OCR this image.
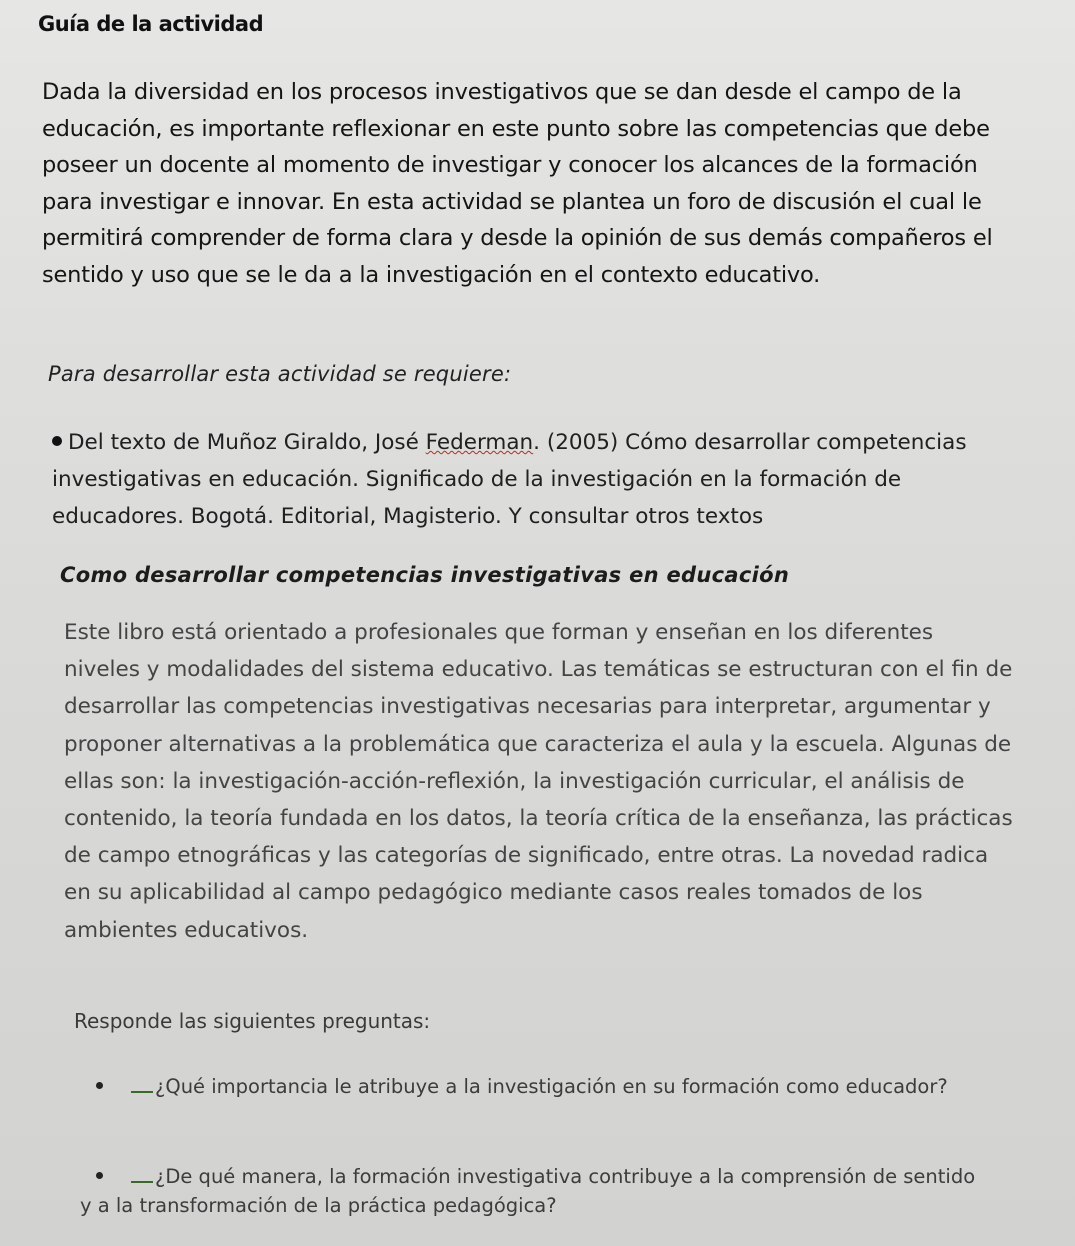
Guía de la actividad

Dada la diversidad en los procesos investigativos que se dan desde el campo de la educación, es importante reflexionar en este punto sobre las competencias que debe poseer un docente al momento de investigar y conocer los alcances de la formación para investigar e innovar. En esta actividad se plantea un foro de discusión el cual le permitirá comprender de forma clara y desde la opinión de sus demás compañeros el sentido y uso que se le da a la investigación en el contexto educativo.

Para desarrollar esta actividad se requiere:
Del texto de Muñoz Giraldo, José Federman. (2005) Cómo desarrollar competencias investigativas en educación. Significado de la investigación en la formación de educadores. Bogotá. Editorial, Magisterio. Y consultar otros textos
Como desarrollar competencias investigativas en educación

Este libro está orientado a profesionales que forman y enseñan en los diferentes niveles y modalidades del sistema educativo. Las temáticas se estructuran con el fin de desarrollar las competencias investigativas necesarias para interpretar, argumentar y proponer alternativas a la problemática que caracteriza el aula y la escuela. Algunas de ellas son: la investigación-acción-reflexión, la investigación curricular, el análisis de contenido, la teoría fundada en los datos, la teoría crítica de la enseñanza, las prácticas de campo etnográficas y las categorías de significado, entre otras. La novedad radica en su aplicabilidad al campo pedagógico mediante casos reales tomados de los ambientes educativos.

Responde las siguientes preguntas:
¿Qué importancia le atribuye a la investigación en su formación como educador?
¿De qué manera, la formación investigativa contribuye a la comprensión de sentido y a la transformación de la práctica pedagógica?
